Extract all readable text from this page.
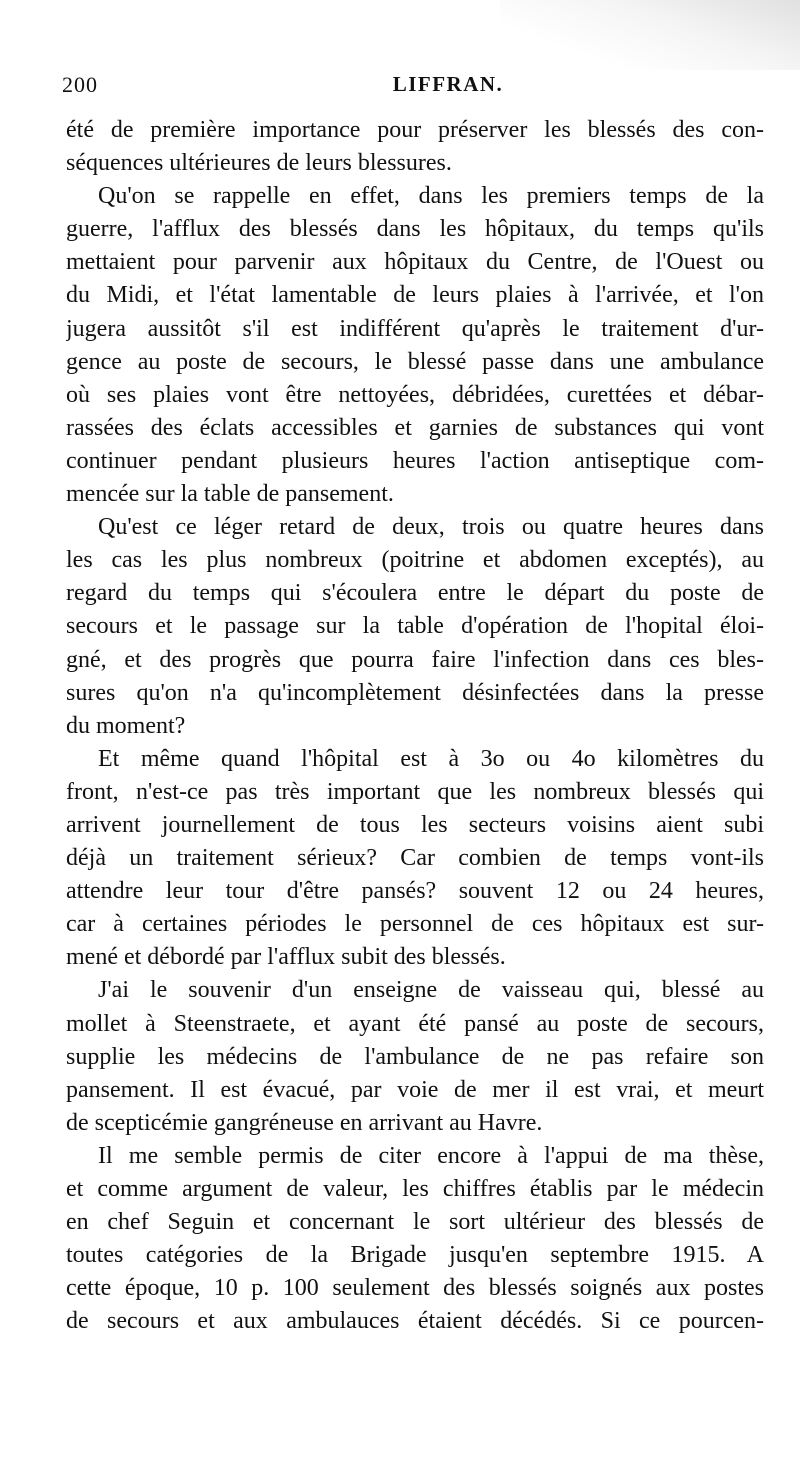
200	LIFFRAN.
été de première importance pour préserver les blessés des con-
séquences ultérieures de leurs blessures.
Qu'on se rappelle en effet, dans les premiers temps de la
guerre, l'afflux des blessés dans les hôpitaux, du temps qu'ils
mettaient pour parvenir aux hôpitaux du Centre, de l'Ouest ou
du Midi, et l'état lamentable de leurs plaies à l'arrivée, et l'on
jugera aussitôt s'il est indifférent qu'après le traitement d'ur-
gence au poste de secours, le blessé passe dans une ambulance
où ses plaies vont être nettoyées, débridées, curettées et débar-
rassées des éclats accessibles et garnies de substances qui vont
continuer pendant plusieurs heures l'action antiseptique com-
mencée sur la table de pansement.
Qu'est ce léger retard de deux, trois ou quatre heures dans
les cas les plus nombreux (poitrine et abdomen exceptés), au
regard du temps qui s'écoulera entre le départ du poste de
secours et le passage sur la table d'opération de l'hopital éloi-
gné, et des progrès que pourra faire l'infection dans ces bles-
sures qu'on n'a qu'incomplètement désinfectées dans la presse
du moment?
Et même quand l'hôpital est à 3o ou 4o kilomètres du
front, n'est-ce pas très important que les nombreux blessés qui
arrivent journellement de tous les secteurs voisins aient subi
déjà un traitement sérieux? Car combien de temps vont-ils
attendre leur tour d'être pansés? souvent 12 ou 24 heures,
car à certaines périodes le personnel de ces hôpitaux est sur-
mené et débordé par l'afflux subit des blessés.
J'ai le souvenir d'un enseigne de vaisseau qui, blessé au
mollet à Steenstraete, et ayant été pansé au poste de secours,
supplie les médecins de l'ambulance de ne pas refaire son
pansement. Il est évacué, par voie de mer il est vrai, et meurt
de scepticémie gangréneuse en arrivant au Havre.
Il me semble permis de citer encore à l'appui de ma thèse,
et comme argument de valeur, les chiffres établis par le médecin
en chef Seguin et concernant le sort ultérieur des blessés de
toutes catégories de la Brigade jusqu'en septembre 1915. A
cette époque, 10 p. 100 seulement des blessés soignés aux postes
de secours et aux ambulauces étaient décédés. Si ce pourcen-
